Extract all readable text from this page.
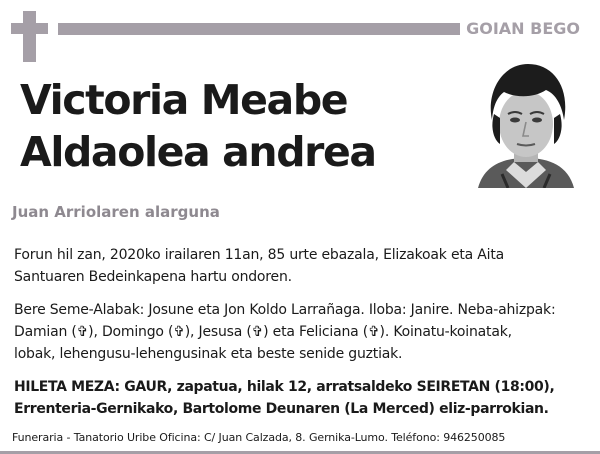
GOIAN BEGO
Victoria Meabe
Aldaolea andrea
Juan Arriolaren alarguna

Forun hil zan, 2020ko irailaren 11an, 85 urte ebazala, Elizakoak eta Aita
Santuaren Bedeinkapena hartu ondoren.

Bere Seme-Alabak: Josune eta Jon Koldo Larrañaga. Iloba: Janire. Neba-ahizpak:
Damian (✞), Domingo (✞), Jesusa (✞) eta Feliciana (✞). Koinatu-koinatak,
lobak, lehengusu-lehengusinak eta beste senide guztiak.

HILETA MEZA: GAUR, zapatua, hilak 12, arratsaldeko SEIRETAN (18:00),
Errenteria-Gernikako, Bartolome Deunaren (La Merced) eliz-parrokian.

Funeraria - Tanatorio Uribe Oficina: C/ Juan Calzada, 8. Gernika-Lumo. Teléfono: 946250085
